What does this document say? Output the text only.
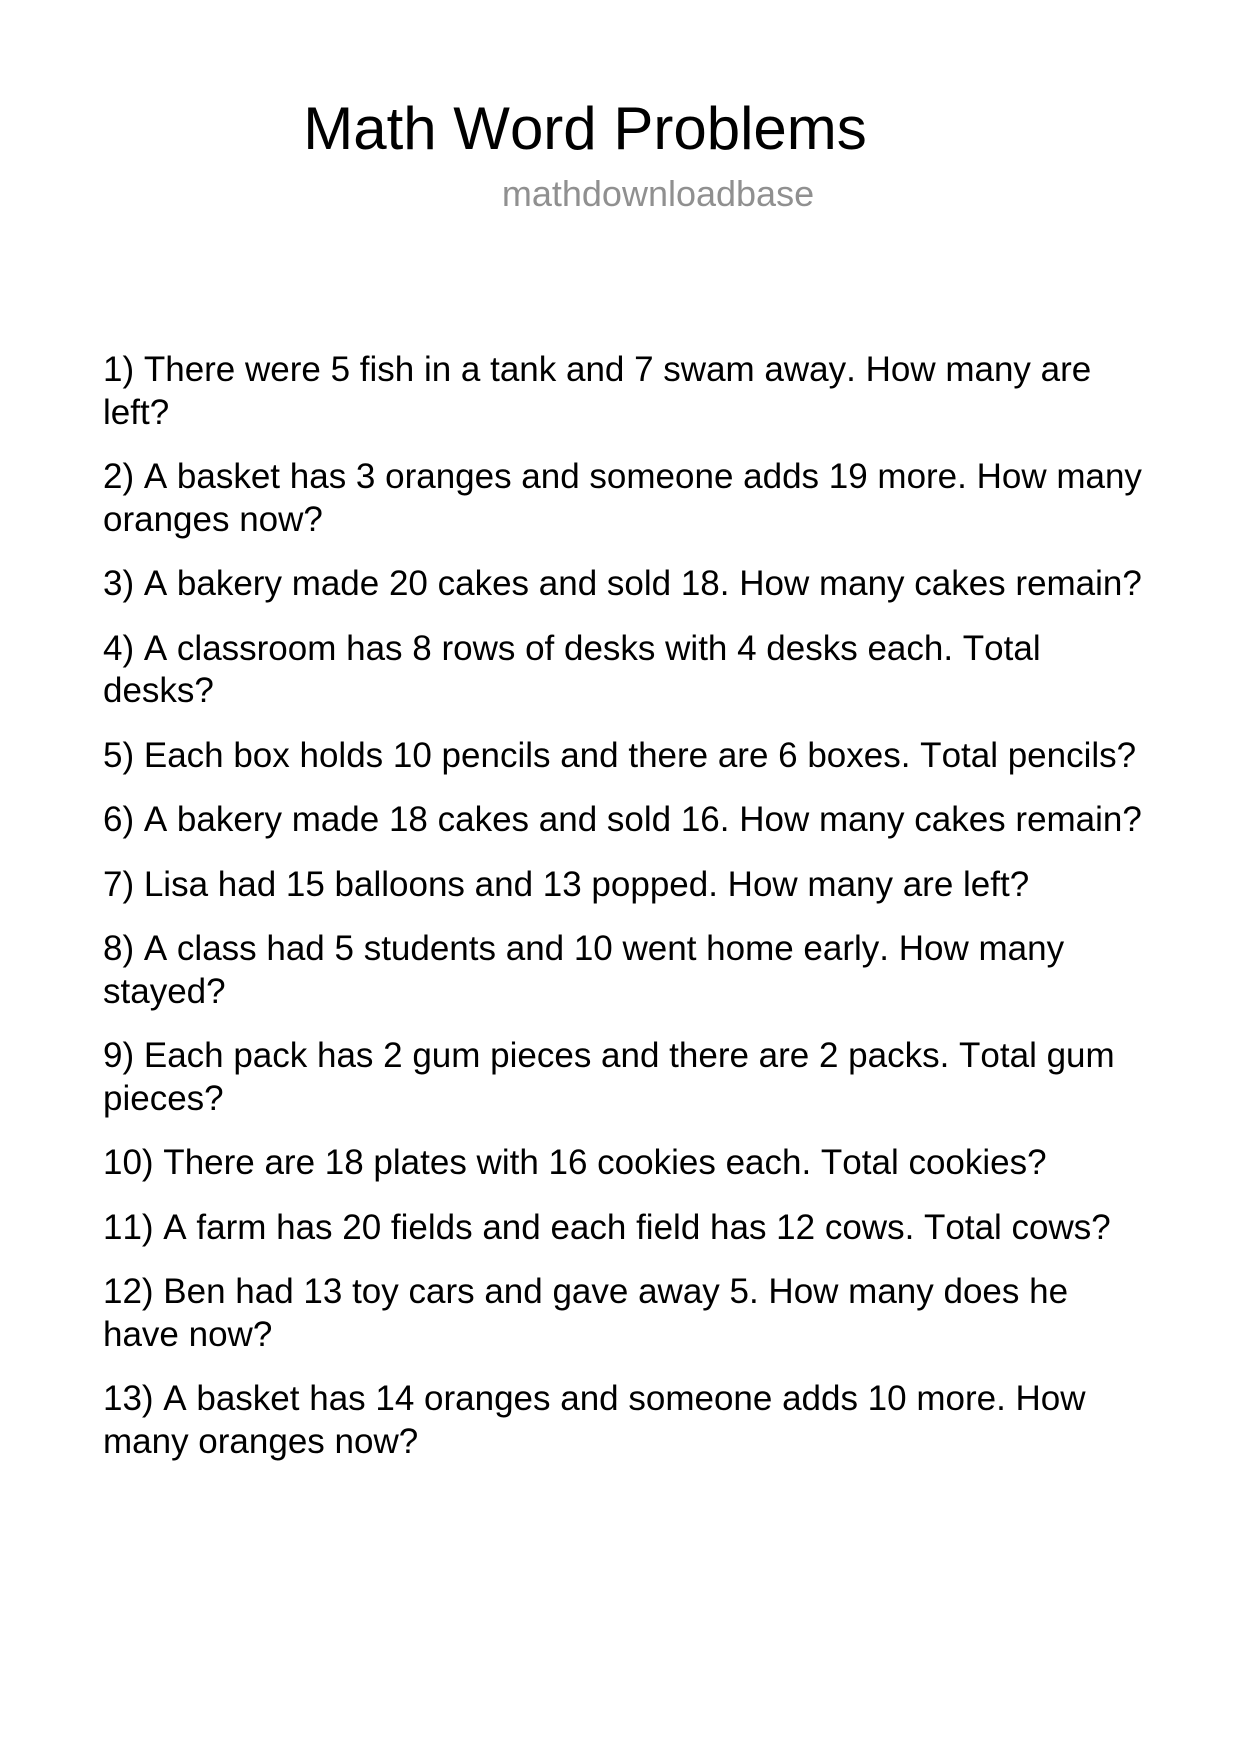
Math Word Problems
mathdownloadbase

1) There were 5 fish in a tank and 7 swam away. How many are left?

2) A basket has 3 oranges and someone adds 19 more. How many oranges now?

3) A bakery made 20 cakes and sold 18. How many cakes remain?

4) A classroom has 8 rows of desks with 4 desks each. Total desks?

5) Each box holds 10 pencils and there are 6 boxes. Total pencils?

6) A bakery made 18 cakes and sold 16. How many cakes remain?

7) Lisa had 15 balloons and 13 popped. How many are left?

8) A class had 5 students and 10 went home early. How many stayed?

9) Each pack has 2 gum pieces and there are 2 packs. Total gum pieces?

10) There are 18 plates with 16 cookies each. Total cookies?

11) A farm has 20 fields and each field has 12 cows. Total cows?

12) Ben had 13 toy cars and gave away 5. How many does he have now?

13) A basket has 14 oranges and someone adds 10 more. How many oranges now?
